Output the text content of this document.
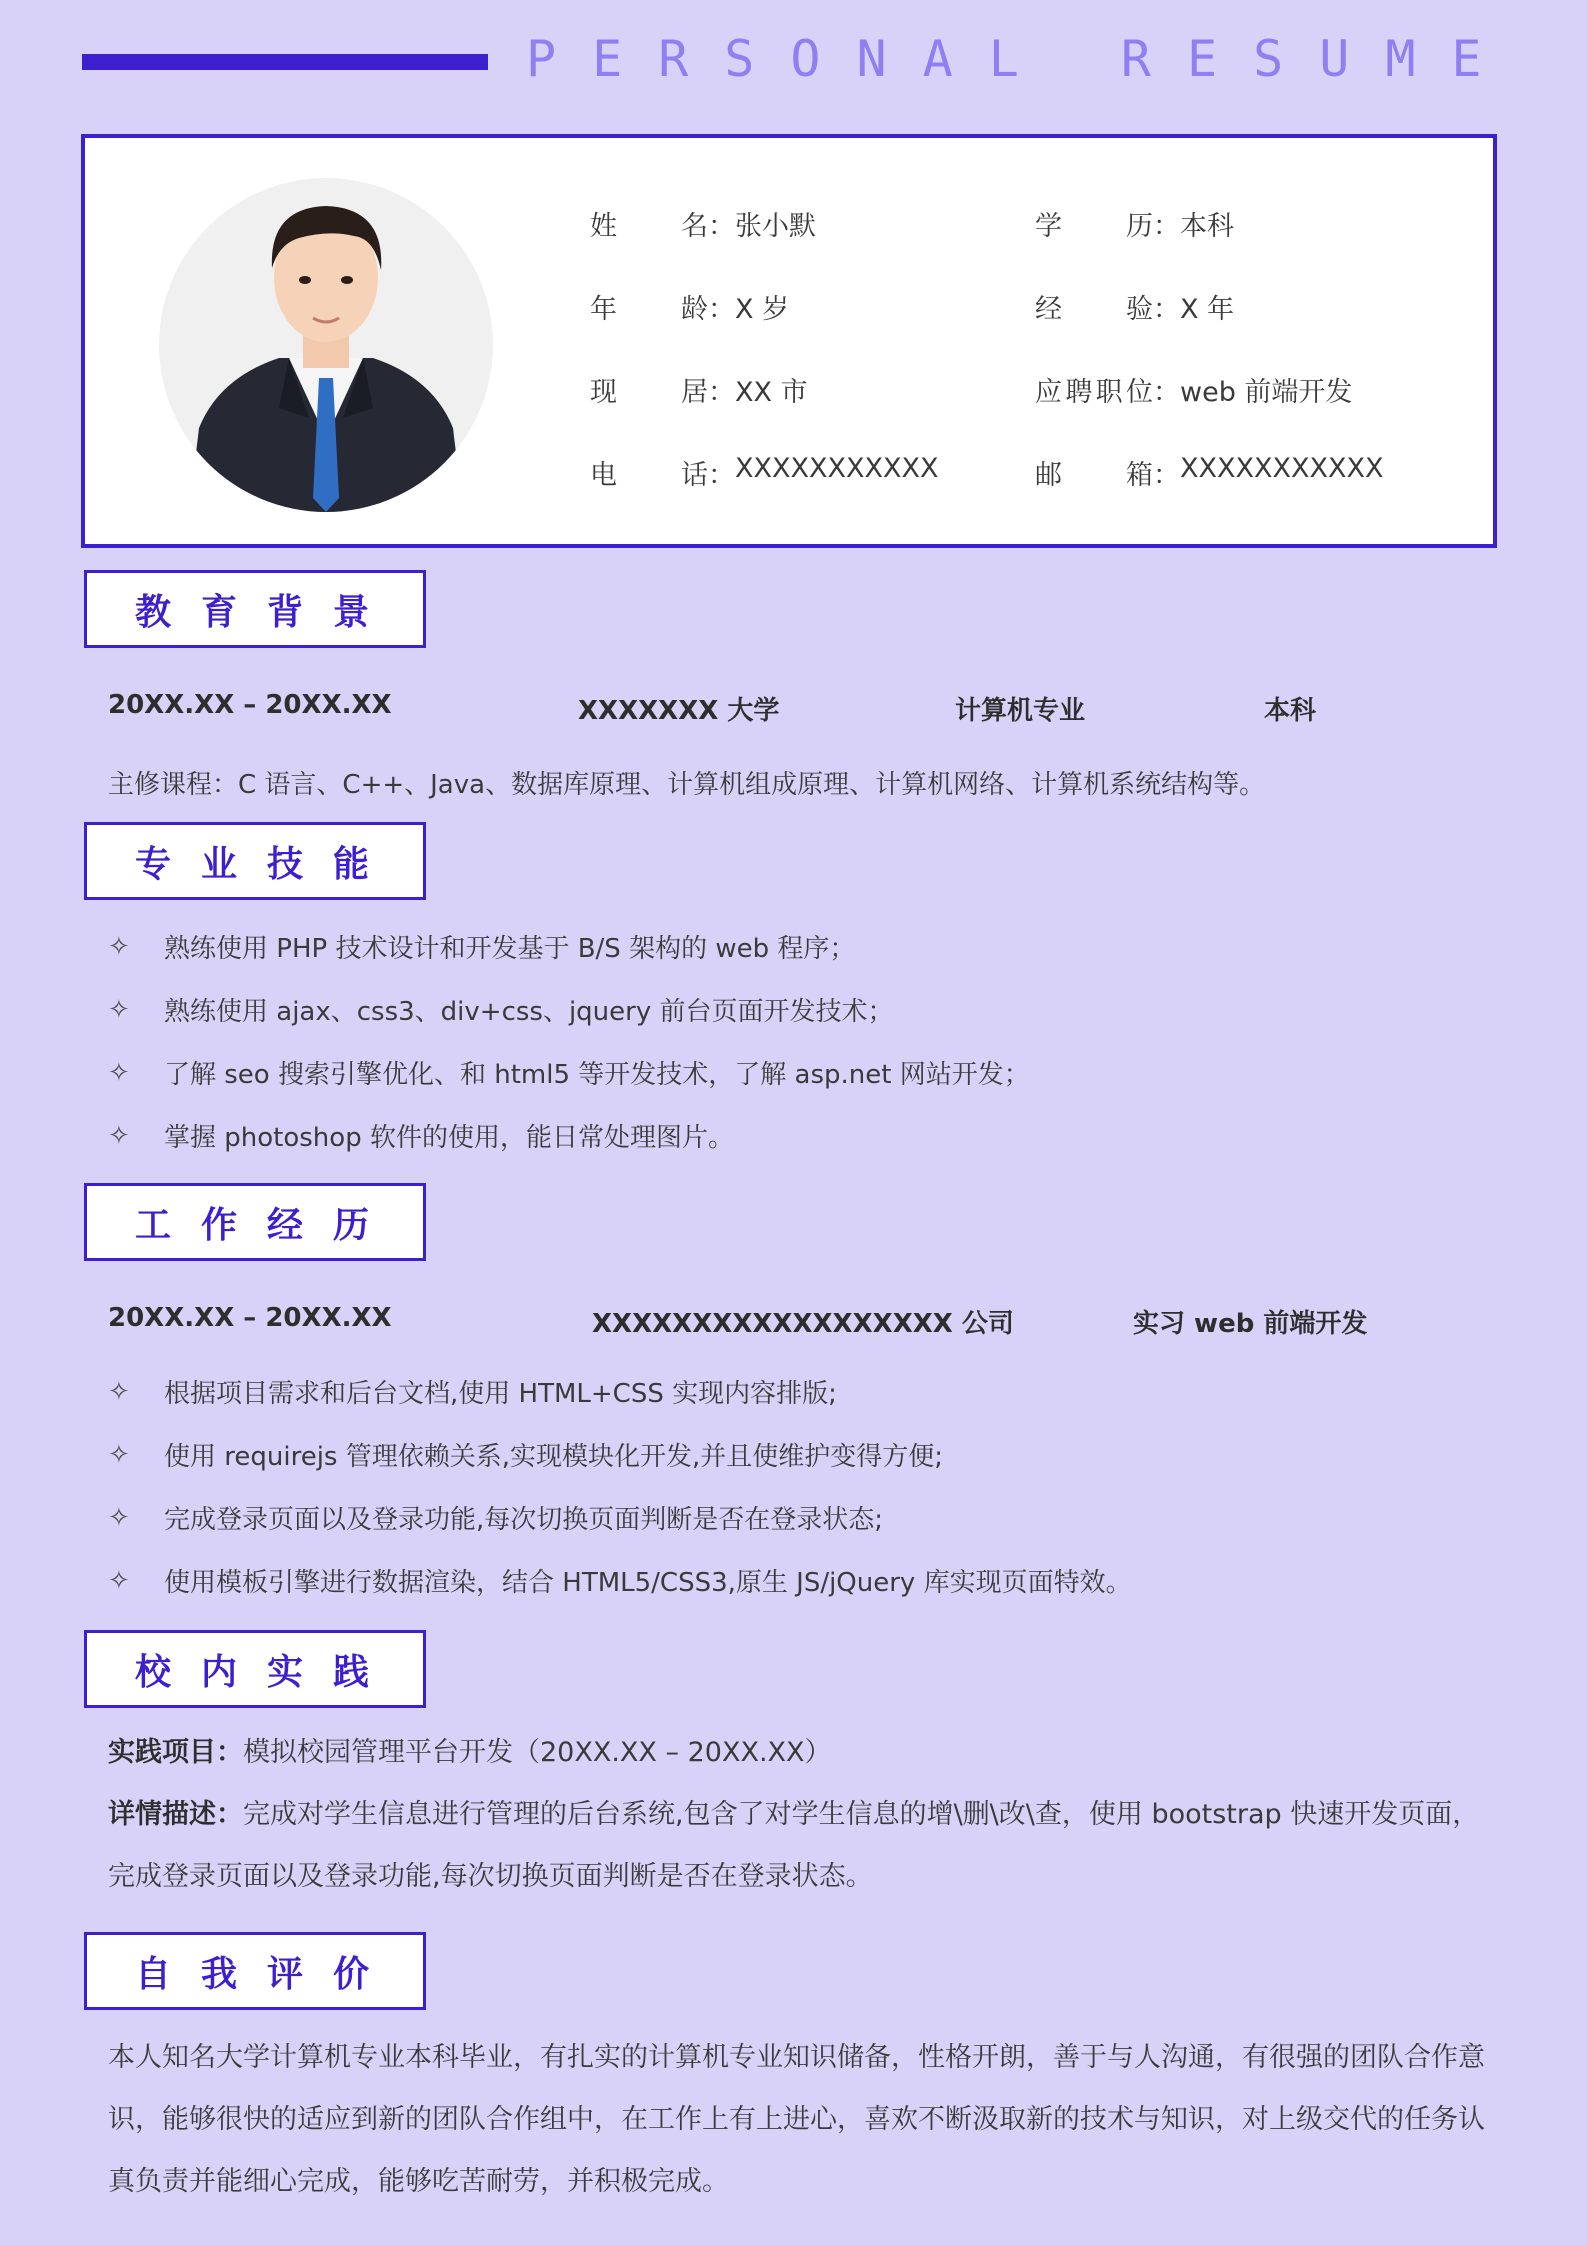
PERSONAL RESUME
姓名 ： 张小默	学历 ： 本科
年龄 ： X 岁	经验 ： X 年
现居 ： XX 市	应聘职位 ： web 前端开发
电话 ： XXXXXXXXXXX	邮箱 ： XXXXXXXXXXX
教育背景
20XX.XX – 20XX.XX	XXXXXXX 大学	计算机专业	本科
主修课程：C 语言、C++、Java、数据库原理、计算机组成原理、计算机网络、计算机系统结构等。
专业技能
✧	熟练使用 PHP 技术设计和开发基于 B/S 架构的 web 程序；
✧	熟练使用 ajax、css3、div+css、jquery 前台页面开发技术；
✧	了解 seo 搜索引擎优化、和 html5 等开发技术，了解 asp.net 网站开发；
✧	掌握 photoshop 软件的使用，能日常处理图片。
工作经历
20XX.XX – 20XX.XX	XXXXXXXXXXXXXXXXXX 公司	实习 web 前端开发
✧	根据项目需求和后台文档,使用 HTML+CSS 实现内容排版;
✧	使用 requirejs 管理依赖关系,实现模块化开发,并且使维护变得方便;
✧	完成登录页面以及登录功能,每次切换页面判断是否在登录状态;
✧	使用模板引擎进行数据渲染，结合 HTML5/CSS3,原生 JS/jQuery 库实现页面特效。
校内实践
实践项目：模拟校园管理平台开发（20XX.XX – 20XX.XX）
详情描述：完成对学生信息进行管理的后台系统,包含了对学生信息的增\删\改\查，使用 bootstrap 快速开发页面，完成登录页面以及登录功能,每次切换页面判断是否在登录状态。
自我评价
本人知名大学计算机专业本科毕业，有扎实的计算机专业知识储备，性格开朗，善于与人沟通，有很强的团队合作意识，能够很快的适应到新的团队合作组中，在工作上有上进心，喜欢不断汲取新的技术与知识，对上级交代的任务认真负责并能细心完成，能够吃苦耐劳，并积极完成。
